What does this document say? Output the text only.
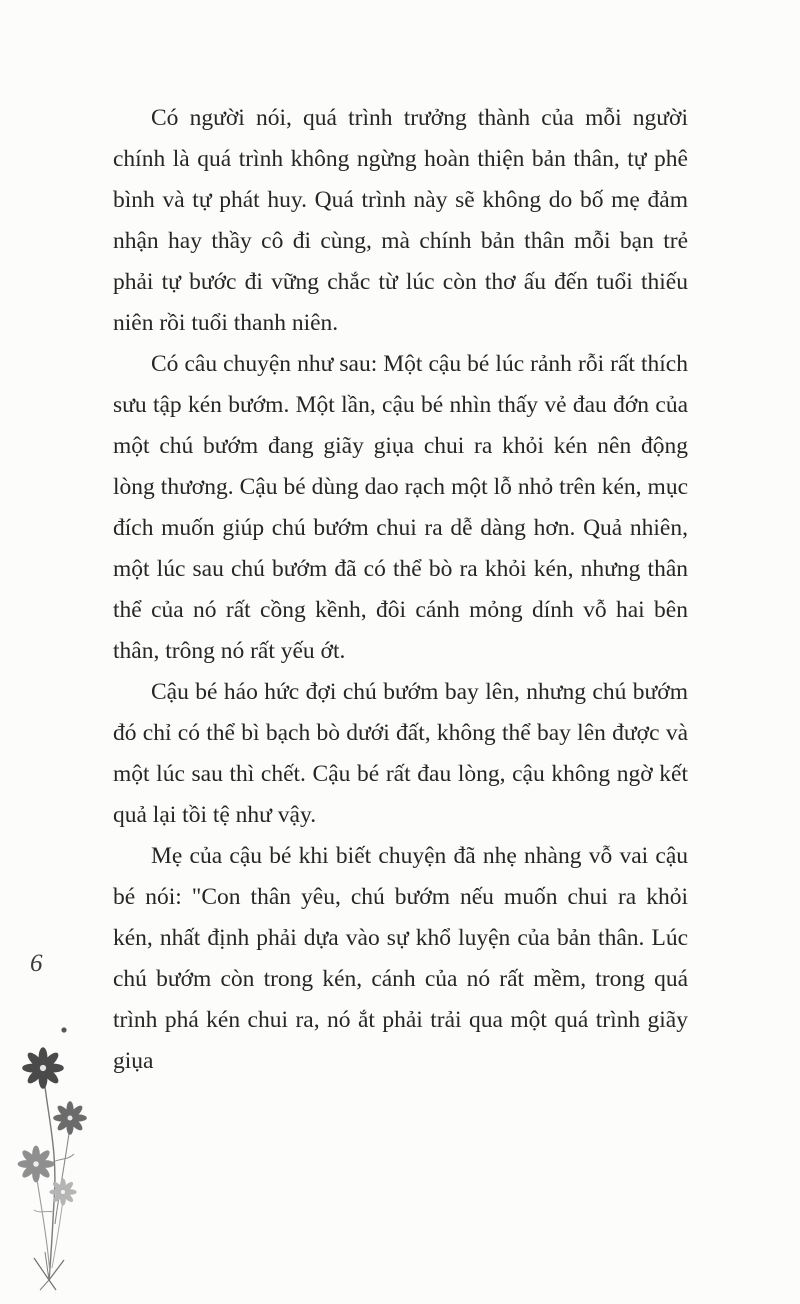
Có người nói, quá trình trưởng thành của mỗi người chính là quá trình không ngừng hoàn thiện bản thân, tự phê bình và tự phát huy. Quá trình này sẽ không do bố mẹ đảm nhận hay thầy cô đi cùng, mà chính bản thân mỗi bạn trẻ phải tự bước đi vững chắc từ lúc còn thơ ấu đến tuổi thiếu niên rồi tuổi thanh niên.

Có câu chuyện như sau: Một cậu bé lúc rảnh rỗi rất thích sưu tập kén bướm. Một lần, cậu bé nhìn thấy vẻ đau đớn của một chú bướm đang giãy giụa chui ra khỏi kén nên động lòng thương. Cậu bé dùng dao rạch một lỗ nhỏ trên kén, mục đích muốn giúp chú bướm chui ra dễ dàng hơn. Quả nhiên, một lúc sau chú bướm đã có thể bò ra khỏi kén, nhưng thân thể của nó rất cồng kềnh, đôi cánh mỏng dính vỗ hai bên thân, trông nó rất yếu ớt.

Cậu bé háo hức đợi chú bướm bay lên, nhưng chú bướm đó chỉ có thể bì bạch bò dưới đất, không thể bay lên được và một lúc sau thì chết. Cậu bé rất đau lòng, cậu không ngờ kết quả lại tồi tệ như vậy.

Mẹ của cậu bé khi biết chuyện đã nhẹ nhàng vỗ vai cậu bé nói: "Con thân yêu, chú bướm nếu muốn chui ra khỏi kén, nhất định phải dựa vào sự khổ luyện của bản thân. Lúc chú bướm còn trong kén, cánh của nó rất mềm, trong quá trình phá kén chui ra, nó ắt phải trải qua một quá trình giãy giụa

6
